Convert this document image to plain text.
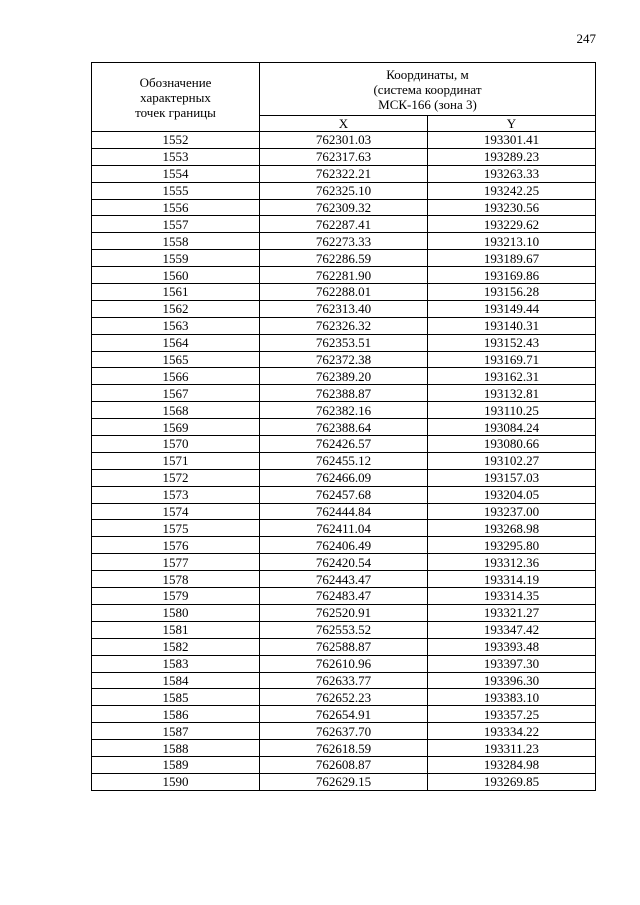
247
Обозначение
характерных
точек границы	Координаты, м
(система координат
МСК-166 (зона 3)	
	X	Y
1552	762301.03	193301.41
1553	762317.63	193289.23
1554	762322.21	193263.33
1555	762325.10	193242.25
1556	762309.32	193230.56
1557	762287.41	193229.62
1558	762273.33	193213.10
1559	762286.59	193189.67
1560	762281.90	193169.86
1561	762288.01	193156.28
1562	762313.40	193149.44
1563	762326.32	193140.31
1564	762353.51	193152.43
1565	762372.38	193169.71
1566	762389.20	193162.31
1567	762388.87	193132.81
1568	762382.16	193110.25
1569	762388.64	193084.24
1570	762426.57	193080.66
1571	762455.12	193102.27
1572	762466.09	193157.03
1573	762457.68	193204.05
1574	762444.84	193237.00
1575	762411.04	193268.98
1576	762406.49	193295.80
1577	762420.54	193312.36
1578	762443.47	193314.19
1579	762483.47	193314.35
1580	762520.91	193321.27
1581	762553.52	193347.42
1582	762588.87	193393.48
1583	762610.96	193397.30
1584	762633.77	193396.30
1585	762652.23	193383.10
1586	762654.91	193357.25
1587	762637.70	193334.22
1588	762618.59	193311.23
1589	762608.87	193284.98
1590	762629.15	193269.85
